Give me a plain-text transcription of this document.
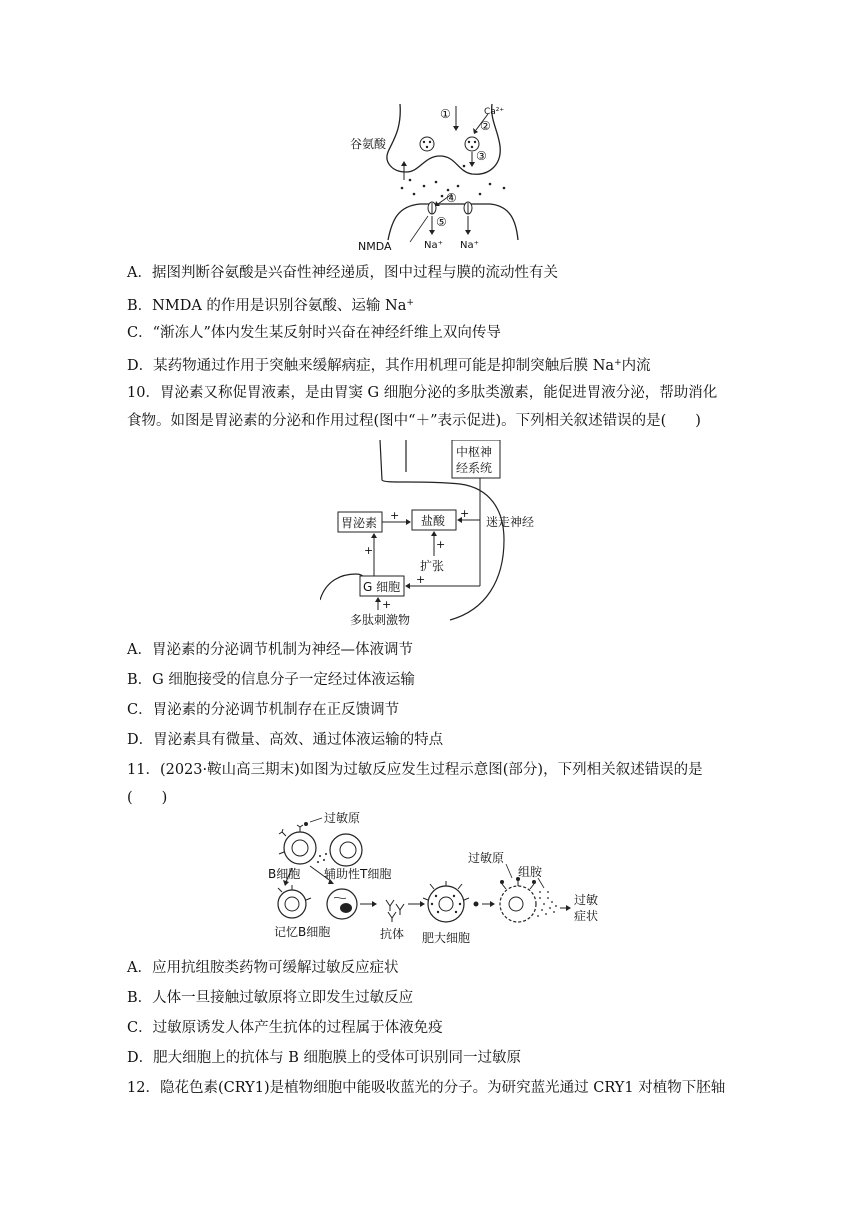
谷氨酸
①	Ca²⁺
②
③
④
⑤
NMDA	Na⁺ Na⁺
A．据图判断谷氨酸是兴奋性神经递质，图中过程与膜的流动性有关
B．NMDA 的作用是识别谷氨酸、运输 Na+
C．“渐冻人”体内发生某反射时兴奋在神经纤维上双向传导
D．某药物通过作用于突触来缓解病症，其作用机理可能是抑制突触后膜 Na+内流
10．胃泌素又称促胃液素，是由胃窦 G 细胞分泌的多肽类激素，能促进胃液分泌，帮助消化
食物。如图是胃泌素的分泌和作用过程(图中“＋”表示促进)。下列相关叙述错误的是(　　)
中枢神
经系统
胃泌素	盐酸	迷走神经
扩张
G 细胞
多肽刺激物
+	+
+	+
+
+
A．胃泌素的分泌调节机制为神经—体液调节
B．G 细胞接受的信息分子一定经过体液运输
C．胃泌素的分泌调节机制存在正反馈调节
D．胃泌素具有微量、高效、通过体液运输的特点
11．(2023·鞍山高三期末)如图为过敏反应发生过程示意图(部分)，下列相关叙述错误的是
(　　)
过敏原
B细胞 辅助性T细胞
记忆B细胞	抗体 肥大细胞
过敏原
组胺
过敏
症状
A．应用抗组胺类药物可缓解过敏反应症状
B．人体一旦接触过敏原将立即发生过敏反应
C．过敏原诱发人体产生抗体的过程属于体液免疫
D．肥大细胞上的抗体与 B 细胞膜上的受体可识别同一过敏原
12．隐花色素(CRY1)是植物细胞中能吸收蓝光的分子。为研究蓝光通过 CRY1 对植物下胚轴
